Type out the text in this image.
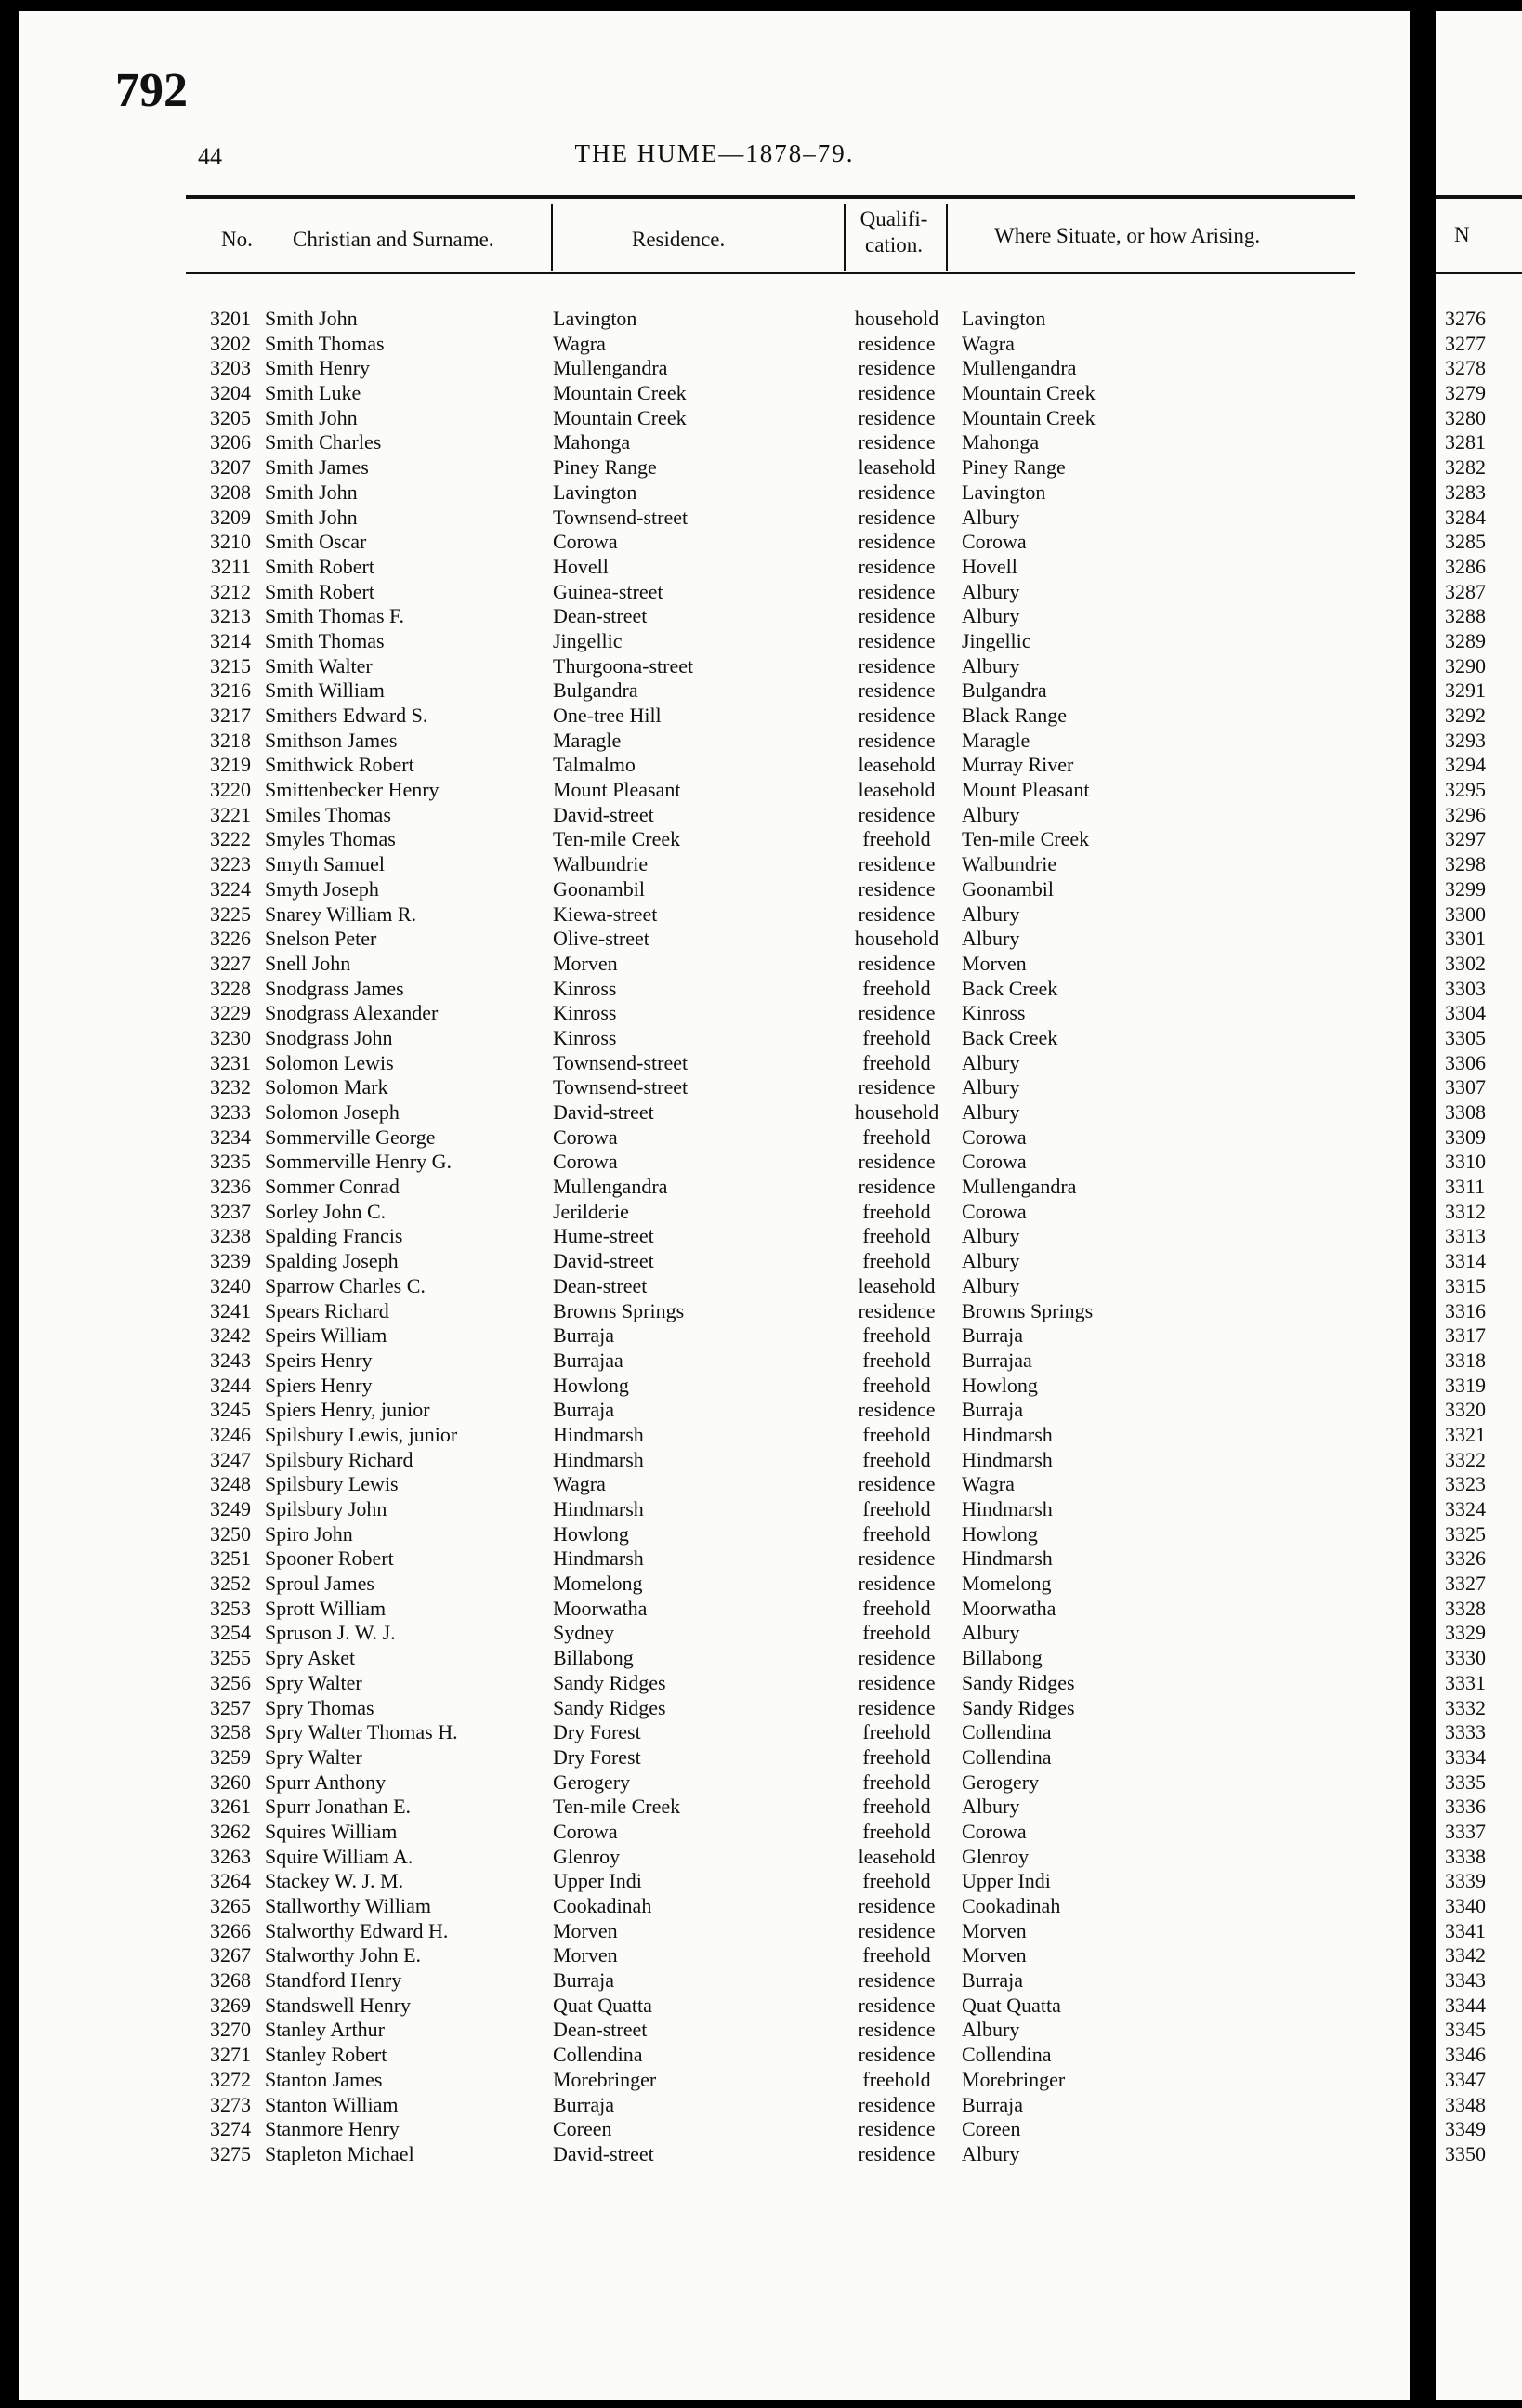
792
44	THE HUME—1878–79.
No. Christian and Surname.	Residence.
Qualifi-
cation.	Where Situate, or how Arising.
3201 Smith John	Lavington	household	Lavington
3202 Smith Thomas	Wagra	residence	Wagra
3203 Smith Henry	Mullengandra	residence	Mullengandra
3204 Smith Luke	Mountain Creek	residence	Mountain Creek
3205 Smith John	Mountain Creek	residence	Mountain Creek
3206 Smith Charles	Mahonga	residence	Mahonga
3207 Smith James	Piney Range	leasehold	Piney Range
3208 Smith John	Lavington	residence	Lavington
3209 Smith John	Townsend-street	residence	Albury
3210 Smith Oscar	Corowa	residence	Corowa
3211 Smith Robert	Hovell	residence	Hovell
3212 Smith Robert	Guinea-street	residence	Albury
3213 Smith Thomas F.	Dean-street	residence	Albury
3214 Smith Thomas	Jingellic	residence	Jingellic
3215 Smith Walter	Thurgoona-street	residence	Albury
3216 Smith William	Bulgandra	residence	Bulgandra
3217 Smithers Edward S.	One-tree Hill	residence	Black Range
3218 Smithson James	Maragle	residence	Maragle
3219 Smithwick Robert	Talmalmo	leasehold	Murray River
3220 Smittenbecker Henry	Mount Pleasant	leasehold	Mount Pleasant
3221 Smiles Thomas	David-street	residence	Albury
3222 Smyles Thomas	Ten-mile Creek	freehold	Ten-mile Creek
3223 Smyth Samuel	Walbundrie	residence	Walbundrie
3224 Smyth Joseph	Goonambil	residence	Goonambil
3225 Snarey William R.	Kiewa-street	residence	Albury
3226 Snelson Peter	Olive-street	household	Albury
3227 Snell John	Morven	residence	Morven
3228 Snodgrass James	Kinross	freehold	Back Creek
3229 Snodgrass Alexander	Kinross	residence	Kinross
3230 Snodgrass John	Kinross	freehold	Back Creek
3231 Solomon Lewis	Townsend-street	freehold	Albury
3232 Solomon Mark	Townsend-street	residence	Albury
3233 Solomon Joseph	David-street	household	Albury
3234 Sommerville George	Corowa	freehold	Corowa
3235 Sommerville Henry G.	Corowa	residence	Corowa
3236 Sommer Conrad	Mullengandra	residence	Mullengandra
3237 Sorley John C.	Jerilderie	freehold	Corowa
3238 Spalding Francis	Hume-street	freehold	Albury
3239 Spalding Joseph	David-street	freehold	Albury
3240 Sparrow Charles C.	Dean-street	leasehold	Albury
3241 Spears Richard	Browns Springs	residence	Browns Springs
3242 Speirs William	Burraja	freehold	Burraja
3243 Speirs Henry	Burrajaa	freehold	Burrajaa
3244 Spiers Henry	Howlong	freehold	Howlong
3245 Spiers Henry, junior	Burraja	residence	Burraja
3246 Spilsbury Lewis, junior	Hindmarsh	freehold	Hindmarsh
3247 Spilsbury Richard	Hindmarsh	freehold	Hindmarsh
3248 Spilsbury Lewis	Wagra	residence	Wagra
3249 Spilsbury John	Hindmarsh	freehold	Hindmarsh
3250 Spiro John	Howlong	freehold	Howlong
3251 Spooner Robert	Hindmarsh	residence	Hindmarsh
3252 Sproul James	Momelong	residence	Momelong
3253 Sprott William	Moorwatha	freehold	Moorwatha
3254 Spruson J. W. J.	Sydney	freehold	Albury
3255 Spry Asket	Billabong	residence	Billabong
3256 Spry Walter	Sandy Ridges	residence	Sandy Ridges
3257 Spry Thomas	Sandy Ridges	residence	Sandy Ridges
3258 Spry Walter Thomas H.	Dry Forest	freehold	Collendina
3259 Spry Walter	Dry Forest	freehold	Collendina
3260 Spurr Anthony	Gerogery	freehold	Gerogery
3261 Spurr Jonathan E.	Ten-mile Creek	freehold	Albury
3262 Squires William	Corowa	freehold	Corowa
3263 Squire William A.	Glenroy	leasehold	Glenroy
3264 Stackey W. J. M.	Upper Indi	freehold	Upper Indi
3265 Stallworthy William	Cookadinah	residence	Cookadinah
3266 Stalworthy Edward H.	Morven	residence	Morven
3267 Stalworthy John E.	Morven	freehold	Morven
3268 Standford Henry	Burraja	residence	Burraja
3269 Standswell Henry	Quat Quatta	residence	Quat Quatta
3270 Stanley Arthur	Dean-street	residence	Albury
3271 Stanley Robert	Collendina	residence	Collendina
3272 Stanton James	Morebringer	freehold	Morebringer
3273 Stanton William	Burraja	residence	Burraja
3274 Stanmore Henry	Coreen	residence	Coreen
3275 Stapleton Michael	David-street	residence	Albury
N
3276
3277
3278
3279
3280
3281
3282
3283
3284
3285
3286
3287
3288
3289
3290
3291
3292
3293
3294
3295
3296
3297
3298
3299
3300
3301
3302
3303
3304
3305
3306
3307
3308
3309
3310
3311
3312
3313
3314
3315
3316
3317
3318
3319
3320
3321
3322
3323
3324
3325
3326
3327
3328
3329
3330
3331
3332
3333
3334
3335
3336
3337
3338
3339
3340
3341
3342
3343
3344
3345
3346
3347
3348
3349
3350
